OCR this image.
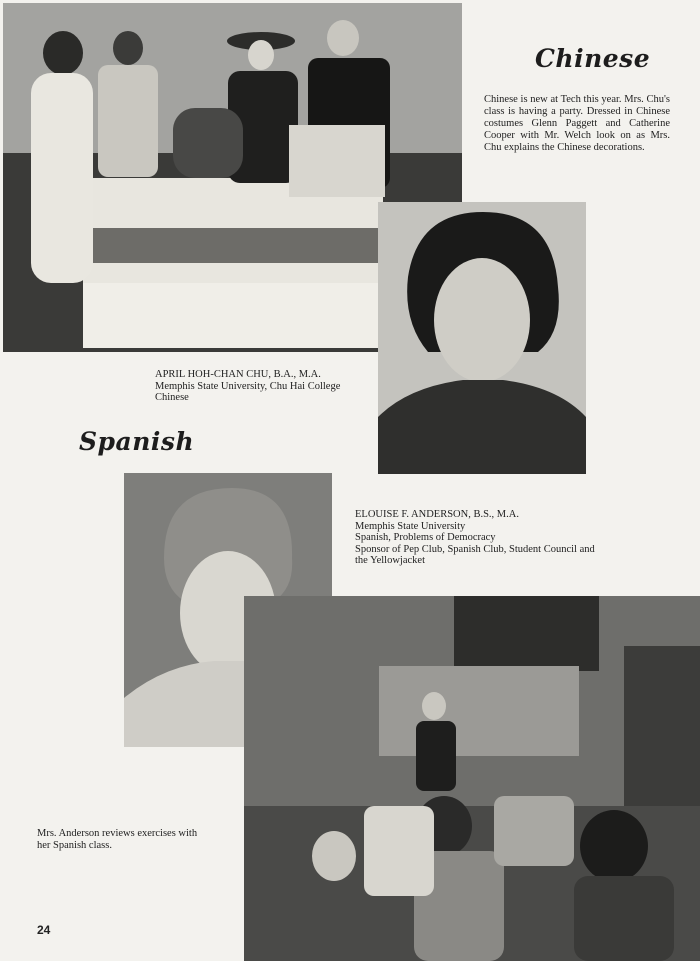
Chinese
Chinese is new at Tech this year. Mrs. Chu's class is having a party. Dressed in Chinese costumes Glenn Paggett and Catherine Cooper with Mr. Welch look on as Mrs. Chu explains the Chinese decorations.
APRIL HOH-CHAN CHU, B.A., M.A.
Memphis State University, Chu Hai College
Chinese
Spanish
ELOUISE F. ANDERSON, B.S., M.A.
Memphis State University
Spanish, Problems of Democracy
Sponsor of Pep Club, Spanish Club, Student Council and
the Yellowjacket
Mrs. Anderson reviews exercises with
her Spanish class.
24
